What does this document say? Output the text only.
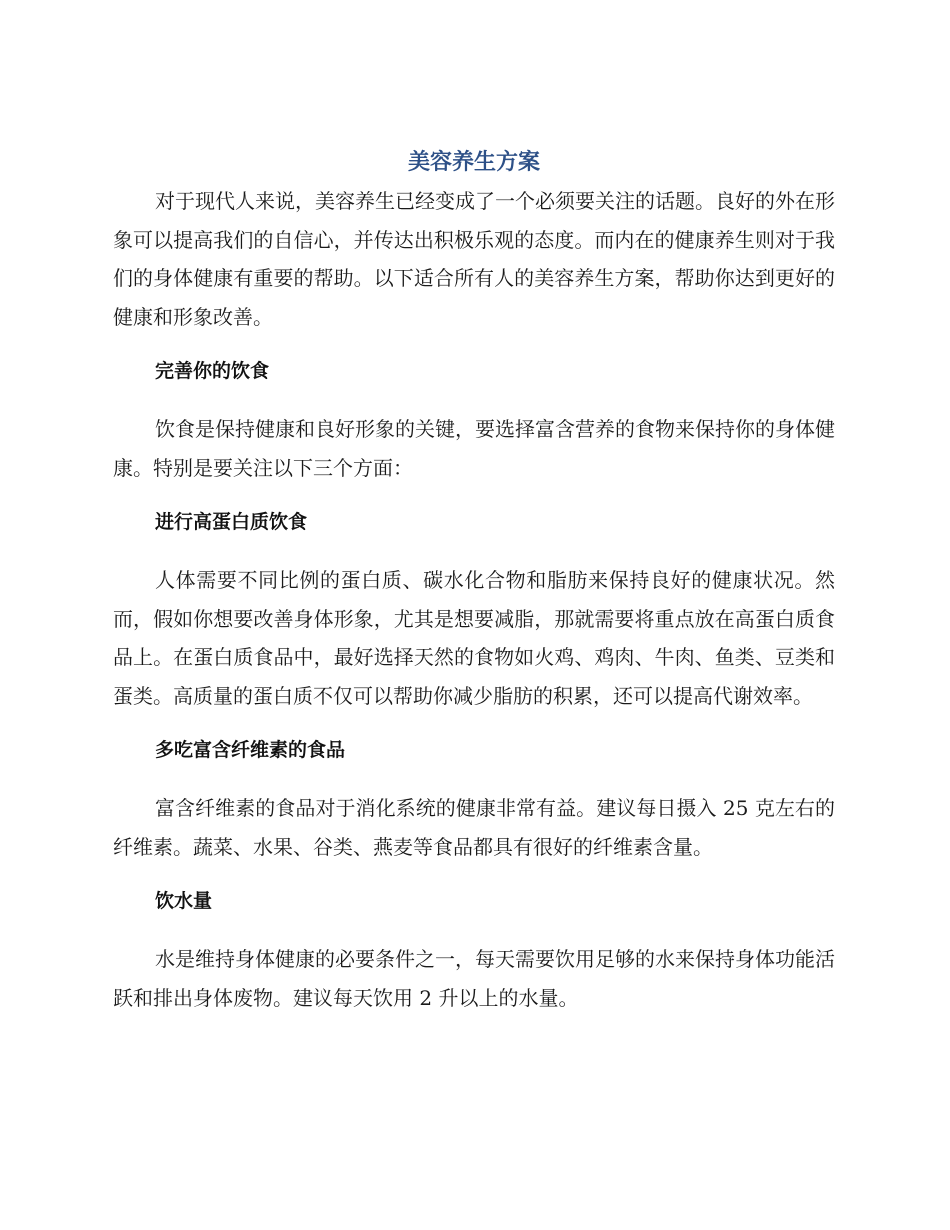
美容养生方案

对于现代人来说，美容养生已经变成了一个必须要关注的话题。良好的外在形象可以提高我们的自信心，并传达出积极乐观的态度。而内在的健康养生则对于我们的身体健康有重要的帮助。以下适合所有人的美容养生方案，帮助你达到更好的健康和形象改善。

完善你的饮食

饮食是保持健康和良好形象的关键，要选择富含营养的食物来保持你的身体健康。特别是要关注以下三个方面：

进行高蛋白质饮食

人体需要不同比例的蛋白质、碳水化合物和脂肪来保持良好的健康状况。然而，假如你想要改善身体形象，尤其是想要减脂，那就需要将重点放在高蛋白质食品上。在蛋白质食品中，最好选择天然的食物如火鸡、鸡肉、牛肉、鱼类、豆类和蛋类。高质量的蛋白质不仅可以帮助你减少脂肪的积累，还可以提高代谢效率。

多吃富含纤维素的食品

富含纤维素的食品对于消化系统的健康非常有益。建议每日摄入 25 克左右的纤维素。蔬菜、水果、谷类、燕麦等食品都具有很好的纤维素含量。

饮水量

水是维持身体健康的必要条件之一，每天需要饮用足够的水来保持身体功能活跃和排出身体废物。建议每天饮用 2 升以上的水量。
